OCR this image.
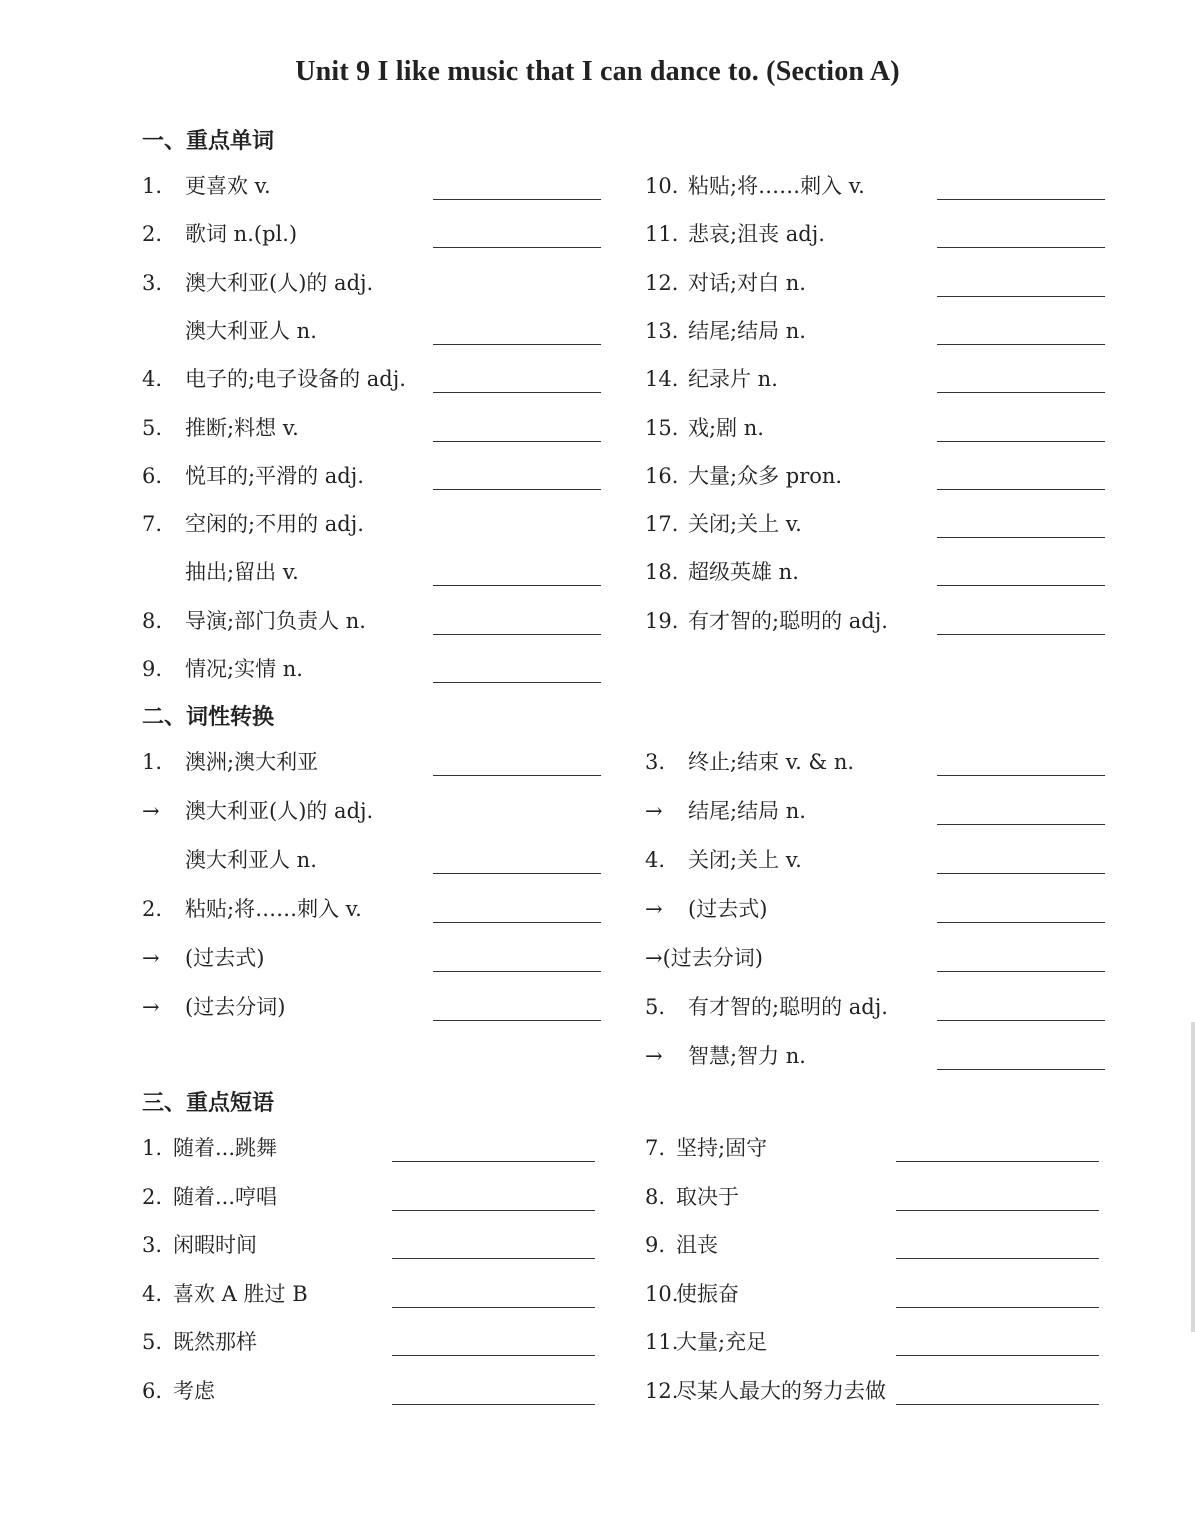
Unit 9 I like music that I can dance to. (Section A)
一、重点单词
1. 更喜欢 v.
2. 歌词 n.(pl.)
3. 澳大利亚(人)的 adj.
澳大利亚人 n.
4. 电子的;电子设备的 adj.
5. 推断;料想 v.
6. 悦耳的;平滑的 adj.
7. 空闲的;不用的 adj.
抽出;留出 v.
8. 导演;部门负责人 n.
9. 情况;实情 n.
10. 粘贴;将……刺入 v.
11. 悲哀;沮丧 adj.
12. 对话;对白 n.
13. 结尾;结局 n.
14. 纪录片 n.
15. 戏;剧 n.
16. 大量;众多 pron.
17. 关闭;关上 v.
18. 超级英雄 n.
19. 有才智的;聪明的 adj.
二、词性转换
1. 澳洲;澳大利亚
→ 澳大利亚(人)的 adj.
澳大利亚人 n.
2. 粘贴;将……刺入 v.
→ (过去式)
→ (过去分词)
3. 终止;结束 v. & n.
→ 结尾;结局 n.
4. 关闭;关上 v.
→ (过去式)
→(过去分词)
5. 有才智的;聪明的 adj.
→ 智慧;智力 n.
三、重点短语
1. 随着...跳舞
2. 随着...哼唱
3. 闲暇时间
4. 喜欢 A 胜过 B
5. 既然那样
6. 考虑
7. 坚持;固守
8. 取决于
9. 沮丧
10.
使振奋
11.
大量;充足
12.
尽某人最大的努力去做
